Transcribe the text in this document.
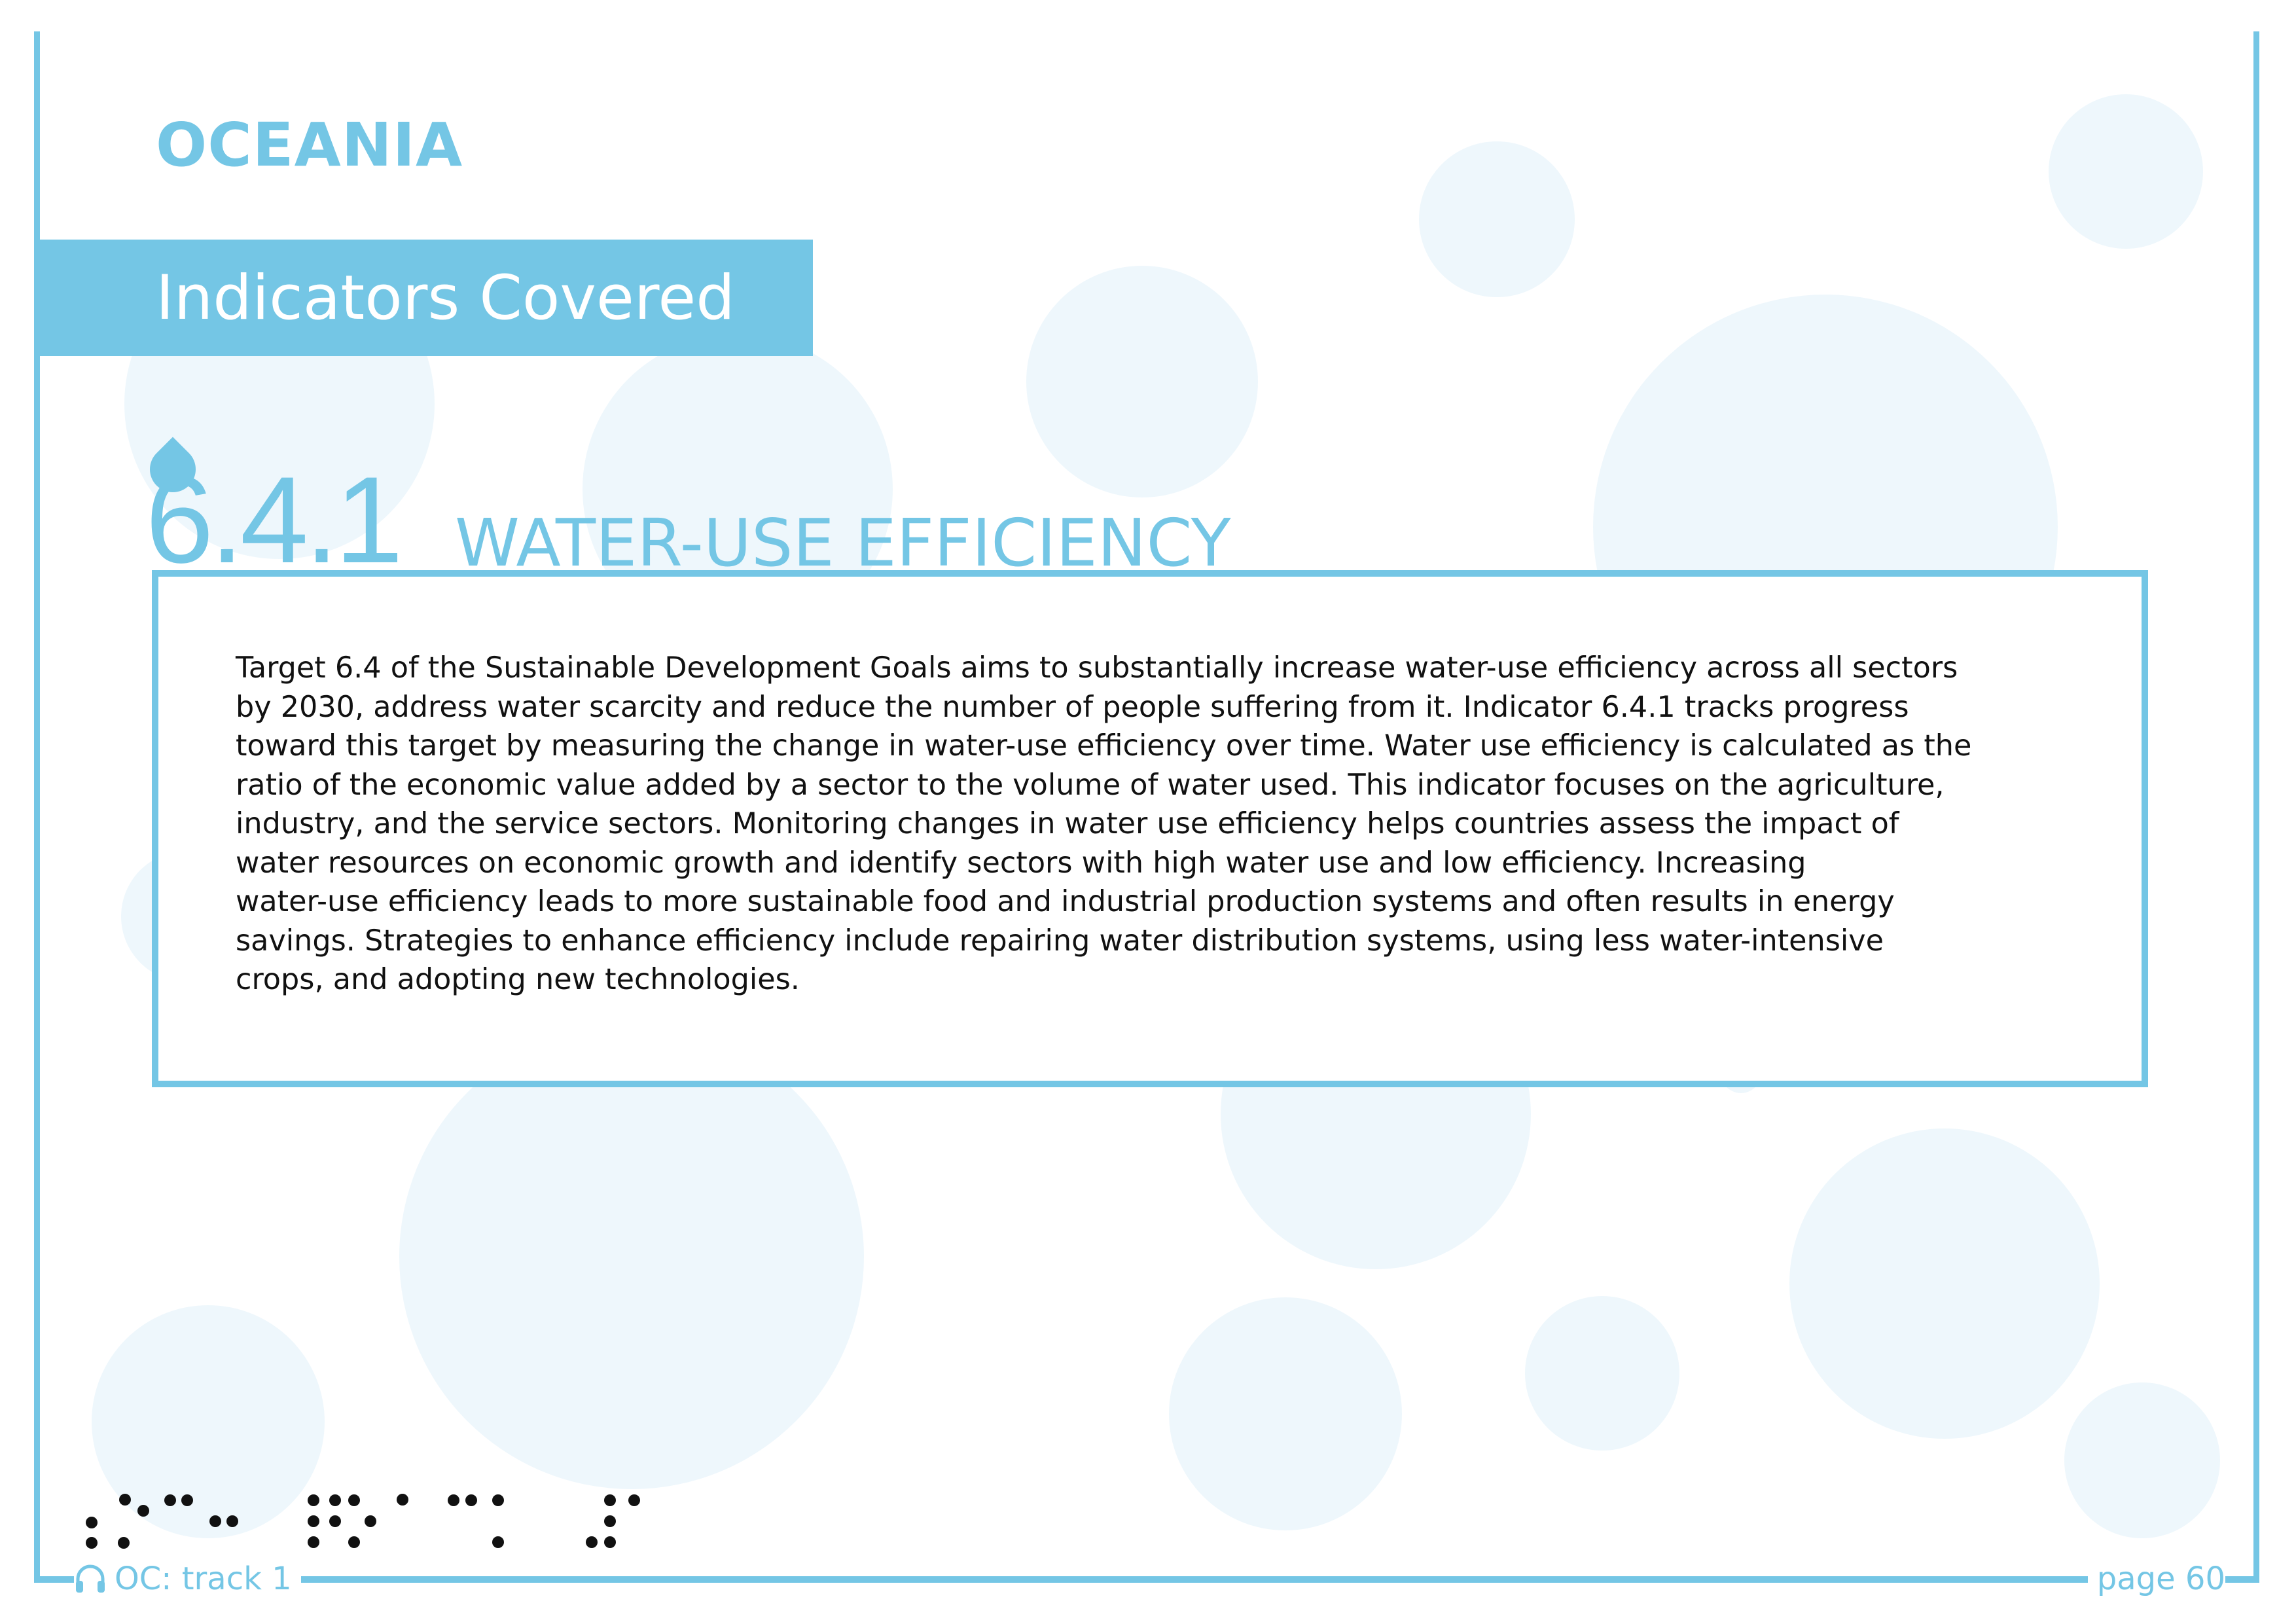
OCEANIA
Indicators Covered
6.4.1 WATER-USE EFFICIENCY

Target 6.4 of the Sustainable Development Goals aims to substantially increase water-use efficiency across all sectors
by 2030, address water scarcity and reduce the number of people suffering from it. Indicator 6.4.1 tracks progress
toward this target by measuring the change in water-use efficiency over time. Water use efficiency is calculated as the
ratio of the economic value added by a sector to the volume of water used. This indicator focuses on the agriculture,
industry, and the service sectors. Monitoring changes in water use efficiency helps countries assess the impact of
water resources on economic growth and identify sectors with high water use and low efficiency. Increasing
water-use efficiency leads to more sustainable food and industrial production systems and often results in energy
savings. Strategies to enhance efficiency include repairing water distribution systems, using less water-intensive
crops, and adopting new technologies.

OC: track 1	page 60
